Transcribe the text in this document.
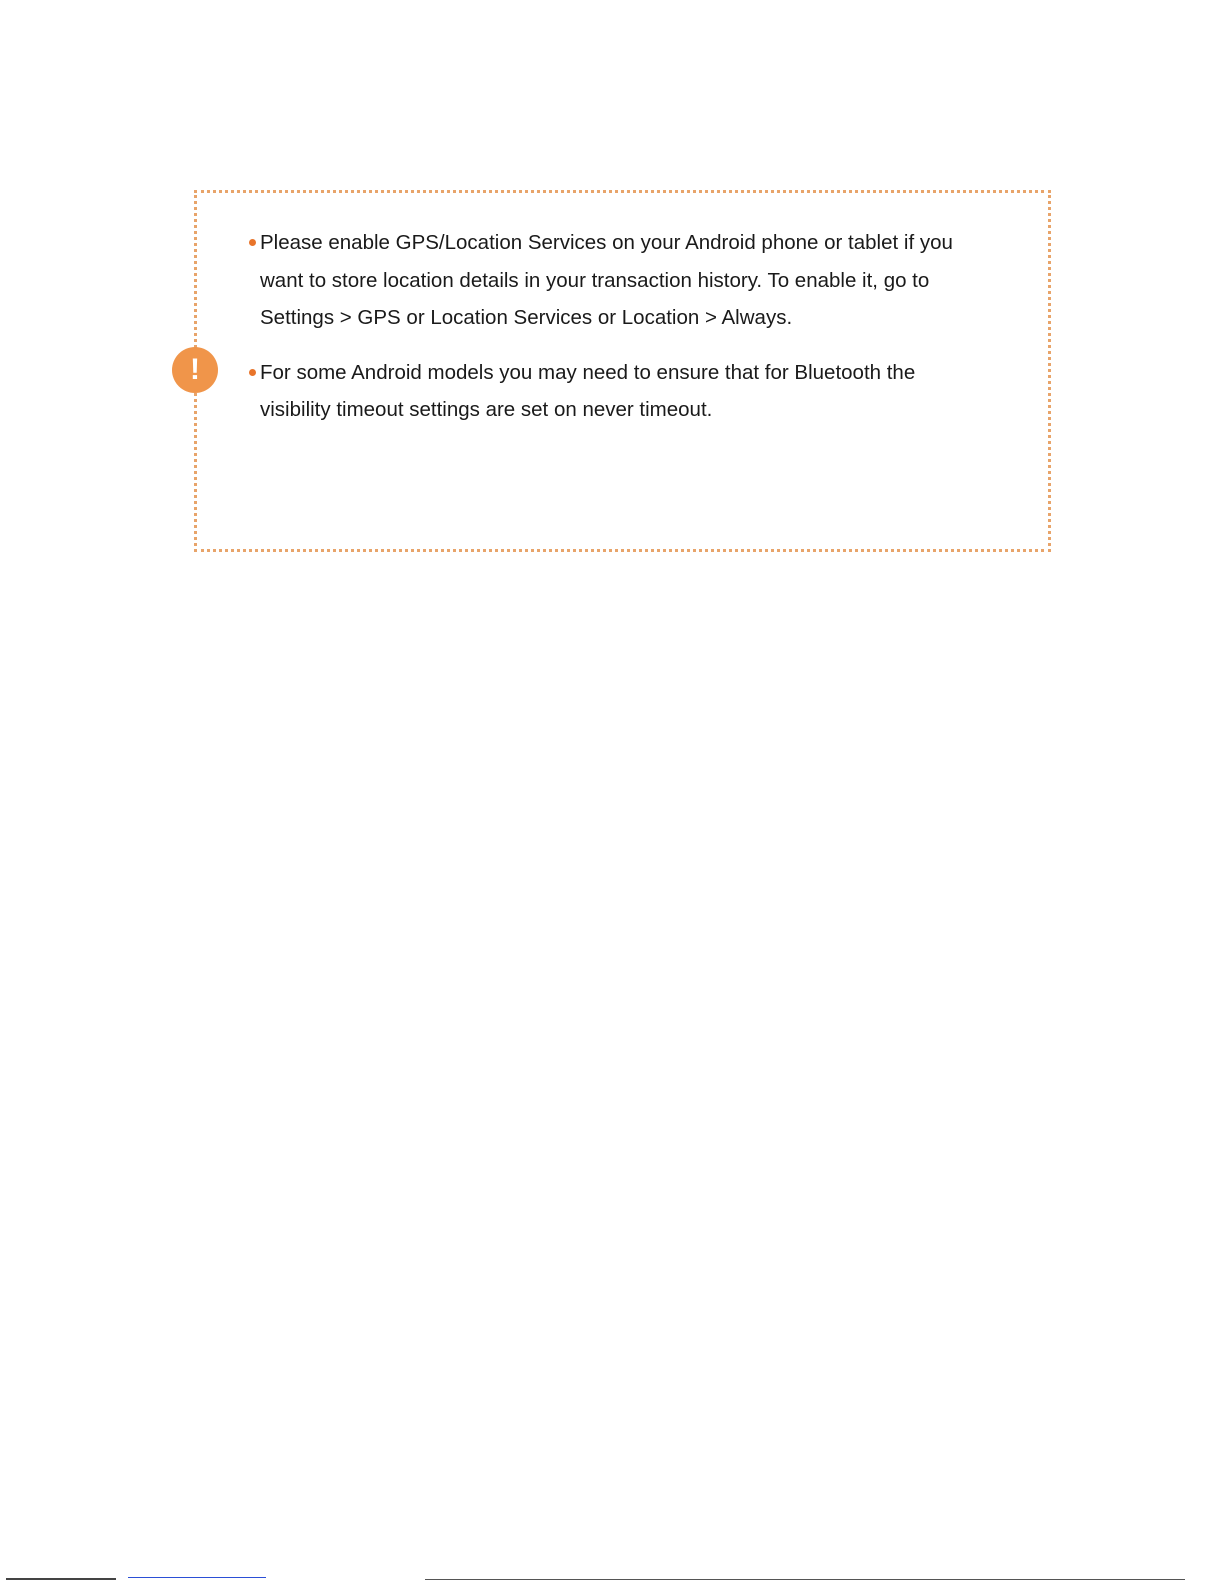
!
Please enable GPS/Location Services on your Android phone or tablet if you want to store location details in your transaction history. To enable it, go to Settings > GPS or Location Services or Location > Always.
For some Android models you may need to ensure that for Bluetooth the visibility timeout settings are set on never timeout.
